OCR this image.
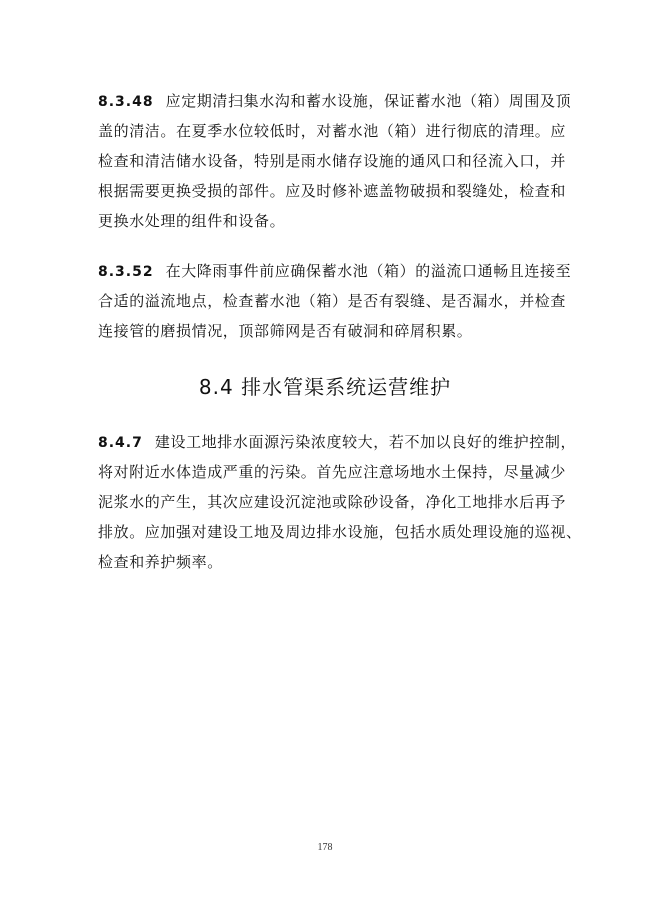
8.3.48 应定期清扫集水沟和蓄水设施，保证蓄水池（箱）周围及顶
盖的清洁。在夏季水位较低时，对蓄水池（箱）进行彻底的清理。应
检查和清洁储水设备，特别是雨水储存设施的通风口和径流入口，并
根据需要更换受损的部件。应及时修补遮盖物破损和裂缝处，检查和
更换水处理的组件和设备。
8.3.52 在大降雨事件前应确保蓄水池（箱）的溢流口通畅且连接至
合适的溢流地点，检查蓄水池（箱）是否有裂缝、是否漏水，并检查
连接管的磨损情况，顶部筛网是否有破洞和碎屑积累。
8.4 排水管渠系统运营维护
8.4.7 建设工地排水面源污染浓度较大，若不加以良好的维护控制，
将对附近水体造成严重的污染。首先应注意场地水土保持，尽量减少
泥浆水的产生，其次应建设沉淀池或除砂设备，净化工地排水后再予
排放。应加强对建设工地及周边排水设施，包括水质处理设施的巡视、
检查和养护频率。
178
